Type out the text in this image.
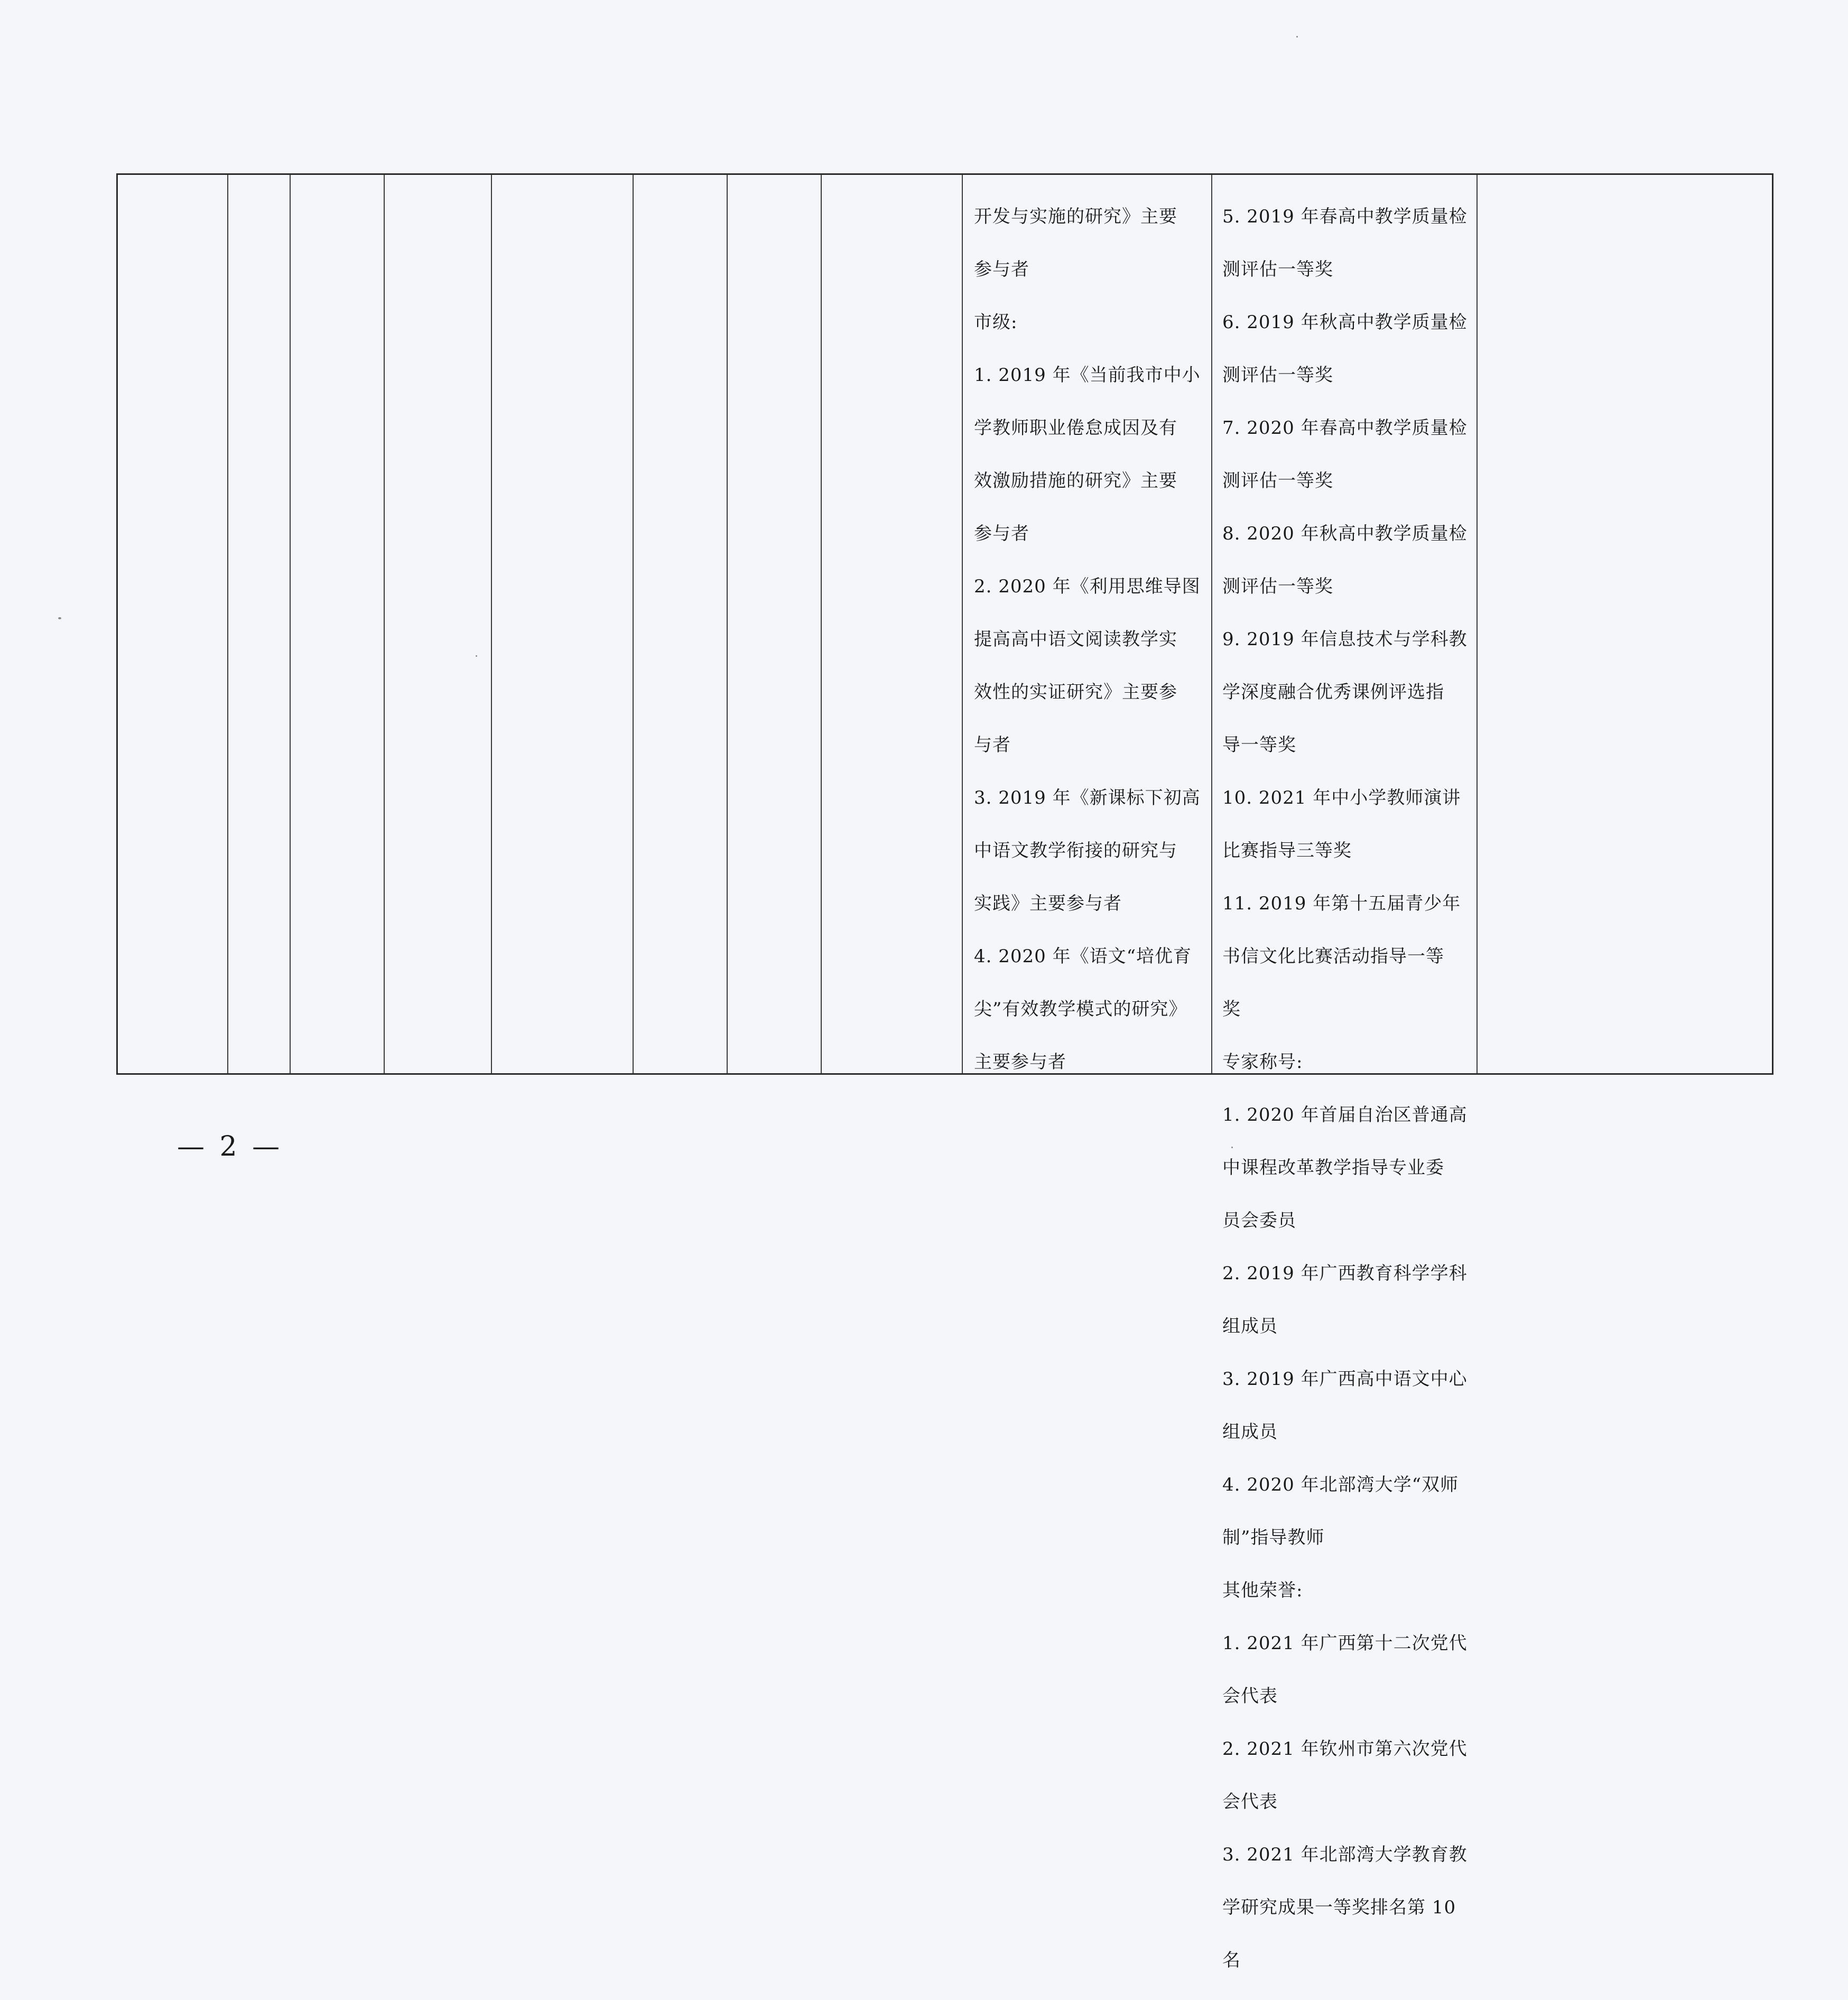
开发与实施的研究》主要

参与者

市级:

1. 2019 年《当前我市中小

学教师职业倦怠成因及有

效激励措施的研究》主要

参与者

2. 2020 年《利用思维导图

提高高中语文阅读教学实

效性的实证研究》主要参

与者

3. 2019 年《新课标下初高

中语文教学衔接的研究与

实践》主要参与者

4. 2020 年《语文“培优育

尖”有效教学模式的研究》

主要参与者

5. 2019 年春高中教学质量检

测评估一等奖

6. 2019 年秋高中教学质量检

测评估一等奖

7. 2020 年春高中教学质量检

测评估一等奖

8. 2020 年秋高中教学质量检

测评估一等奖

9. 2019 年信息技术与学科教

学深度融合优秀课例评选指

导一等奖

10. 2021 年中小学教师演讲

比赛指导三等奖

11. 2019 年第十五届青少年

书信文化比赛活动指导一等

奖

专家称号:

1. 2020 年首届自治区普通高

中课程改革教学指导专业委

员会委员

2. 2019 年广西教育科学学科

组成员

3. 2019 年广西高中语文中心

组成员

4. 2020 年北部湾大学“双师

制”指导教师

其他荣誉:

1. 2021 年广西第十二次党代

会代表

2. 2021 年钦州市第六次党代

会代表

3. 2021 年北部湾大学教育教

学研究成果一等奖排名第 10

名

— 2 —
